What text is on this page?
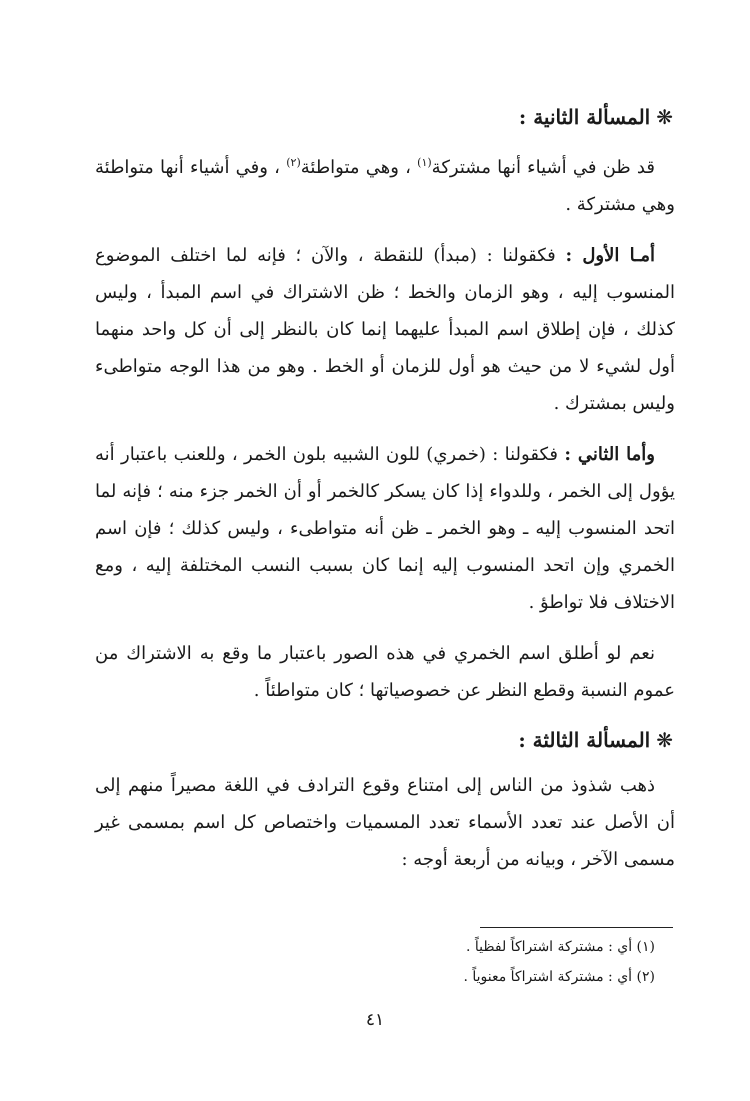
❋المسألة الثانية :

قد ظن في أشياء أنها مشتركة$^{(١)}$ ، وهي متواطئة$^{(٢)}$ ، وفي أشياء أنها متواطئة وهي مشتركة .

أمـا الأول : فكقولنا : (مبدأ) للنقطة ، والآن ؛ فإنه لما اختلف الموضوع المنسوب إليه ، وهو الزمان والخط ؛ ظن الاشتراك في اسم المبدأ ، وليس كذلك ، فإن إطلاق اسم المبدأ عليهما إنما كان بالنظر إلى أن كل واحد منهما أول لشيء لا من حيث هو أول للزمان أو الخط . وهو من هذا الوجه متواطىء وليس بمشترك .

وأما الثاني : فكقولنا : (خمري) للون الشبيه بلون الخمر ، وللعنب باعتبار أنه يؤول إلى الخمر ، وللدواء إذا كان يسكر كالخمر أو أن الخمر جزء منه ؛ فإنه لما اتحد المنسوب إليه ـ وهو الخمر ـ ظن أنه متواطىء ، وليس كذلك ؛ فإن اسم الخمري وإن اتحد المنسوب إليه إنما كان بسبب النسب المختلفة إليه ، ومع الاختلاف فلا تواطؤ .

نعم لو أطلق اسم الخمري في هذه الصور باعتبار ما وقع به الاشتراك من عموم النسبة وقطع النظر عن خصوصياتها ؛ كان متواطئاً .

❋المسألة الثالثة :

ذهب شذوذ من الناس إلى امتناع وقوع الترادف في اللغة مصيراً منهم إلى أن الأصل عند تعدد الأسماء تعدد المسميات واختصاص كل اسم بمسمى غير مسمى الآخر ، وبيانه من أربعة أوجه :

(١) أي : مشتركة اشتراكاً لفظياً .

(٢) أي : مشتركة اشتراكاً معنوياً .

٤١
